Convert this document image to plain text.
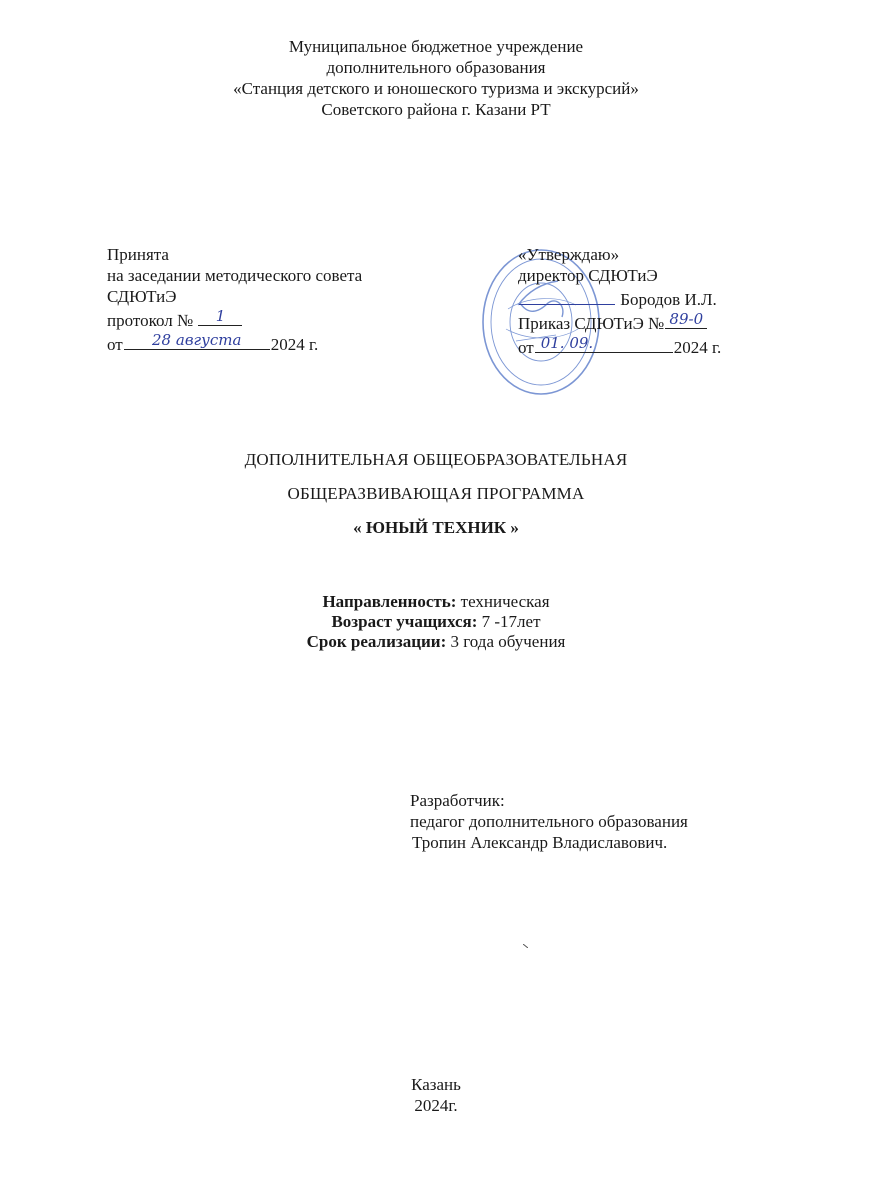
Муниципальное бюджетное учреждение
дополнительного образования
«Станция детского и юношеского туризма и экскурсий»
Советского района г. Казани РТ
Принята
на заседании методического совета
СДЮТиЭ
протокол №	1
от	28 августа	2024 г.
«Утверждаю»
директор СДЮТиЭ
Бородов И.Л.
Приказ СДЮТиЭ № 89-0
от 01. 09.	2024 г.
ДОПОЛНИТЕЛЬНАЯ ОБЩЕОБРАЗОВАТЕЛЬНАЯ
ОБЩЕРАЗВИВАЮЩАЯ ПРОГРАММА
« ЮНЫЙ ТЕХНИК »
Направленность: техническая
Возраст учащихся: 7 -17лет
Срок реализации: 3 года обучения
Разработчик:
педагог дополнительного образования
Тропин Александр Владиславович.
Казань
2024г.
